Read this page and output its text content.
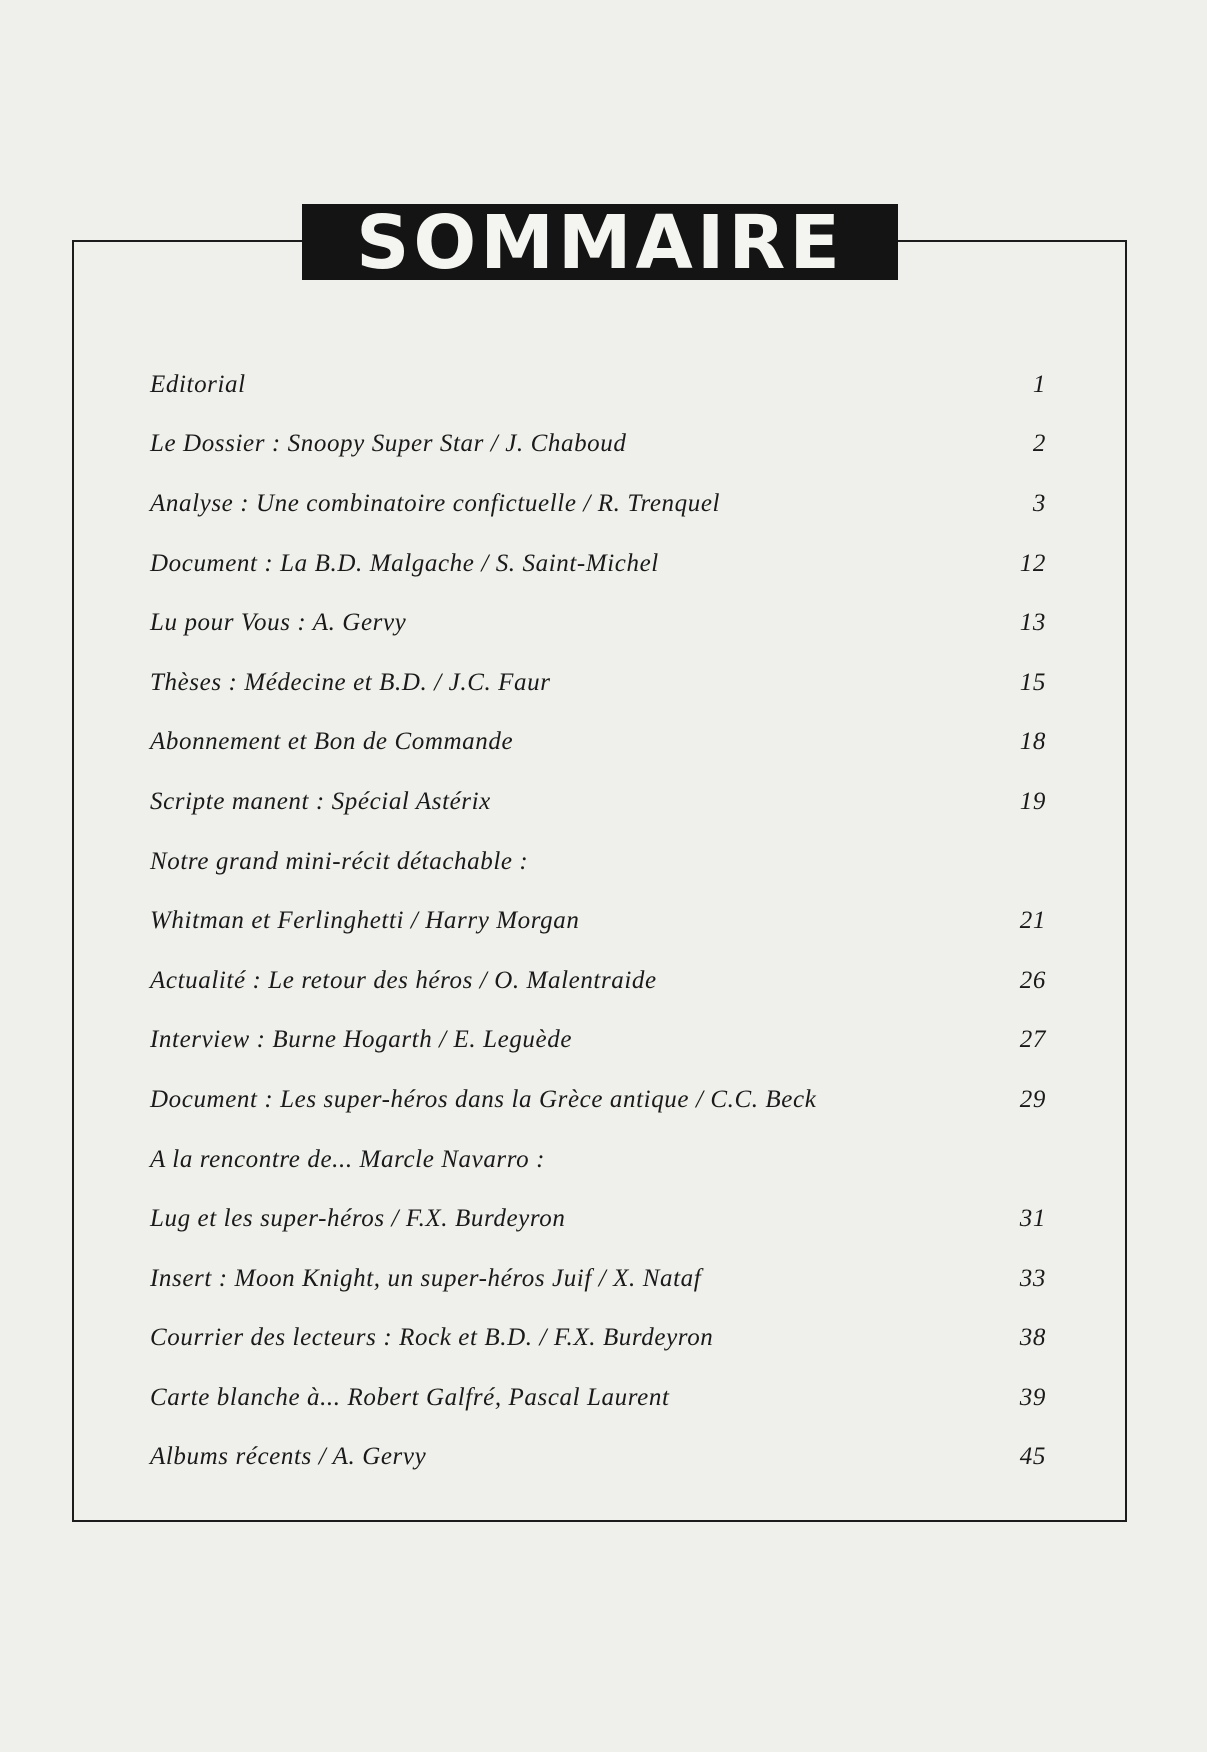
SOMMAIRE
Editorial	1
Le Dossier : Snoopy Super Star / J. Chaboud	2
Analyse : Une combinatoire confictuelle / R. Trenquel	3
Document : La B.D. Malgache / S. Saint-Michel	12
Lu pour Vous : A. Gervy	13
Thèses : Médecine et B.D. / J.C. Faur	15
Abonnement et Bon de Commande	18
Scripte manent : Spécial Astérix	19
Notre grand mini-récit détachable :
Whitman et Ferlinghetti / Harry Morgan	21
Actualité : Le retour des héros / O. Malentraide	26
Interview : Burne Hogarth / E. Leguède	27
Document : Les super-héros dans la Grèce antique / C.C. Beck	29
A la rencontre de... Marcle Navarro :
Lug et les super-héros / F.X. Burdeyron	31
Insert : Moon Knight, un super-héros Juif / X. Nataf	33
Courrier des lecteurs : Rock et B.D. / F.X. Burdeyron	38
Carte blanche à... Robert Galfré, Pascal Laurent	39
Albums récents / A. Gervy	45
